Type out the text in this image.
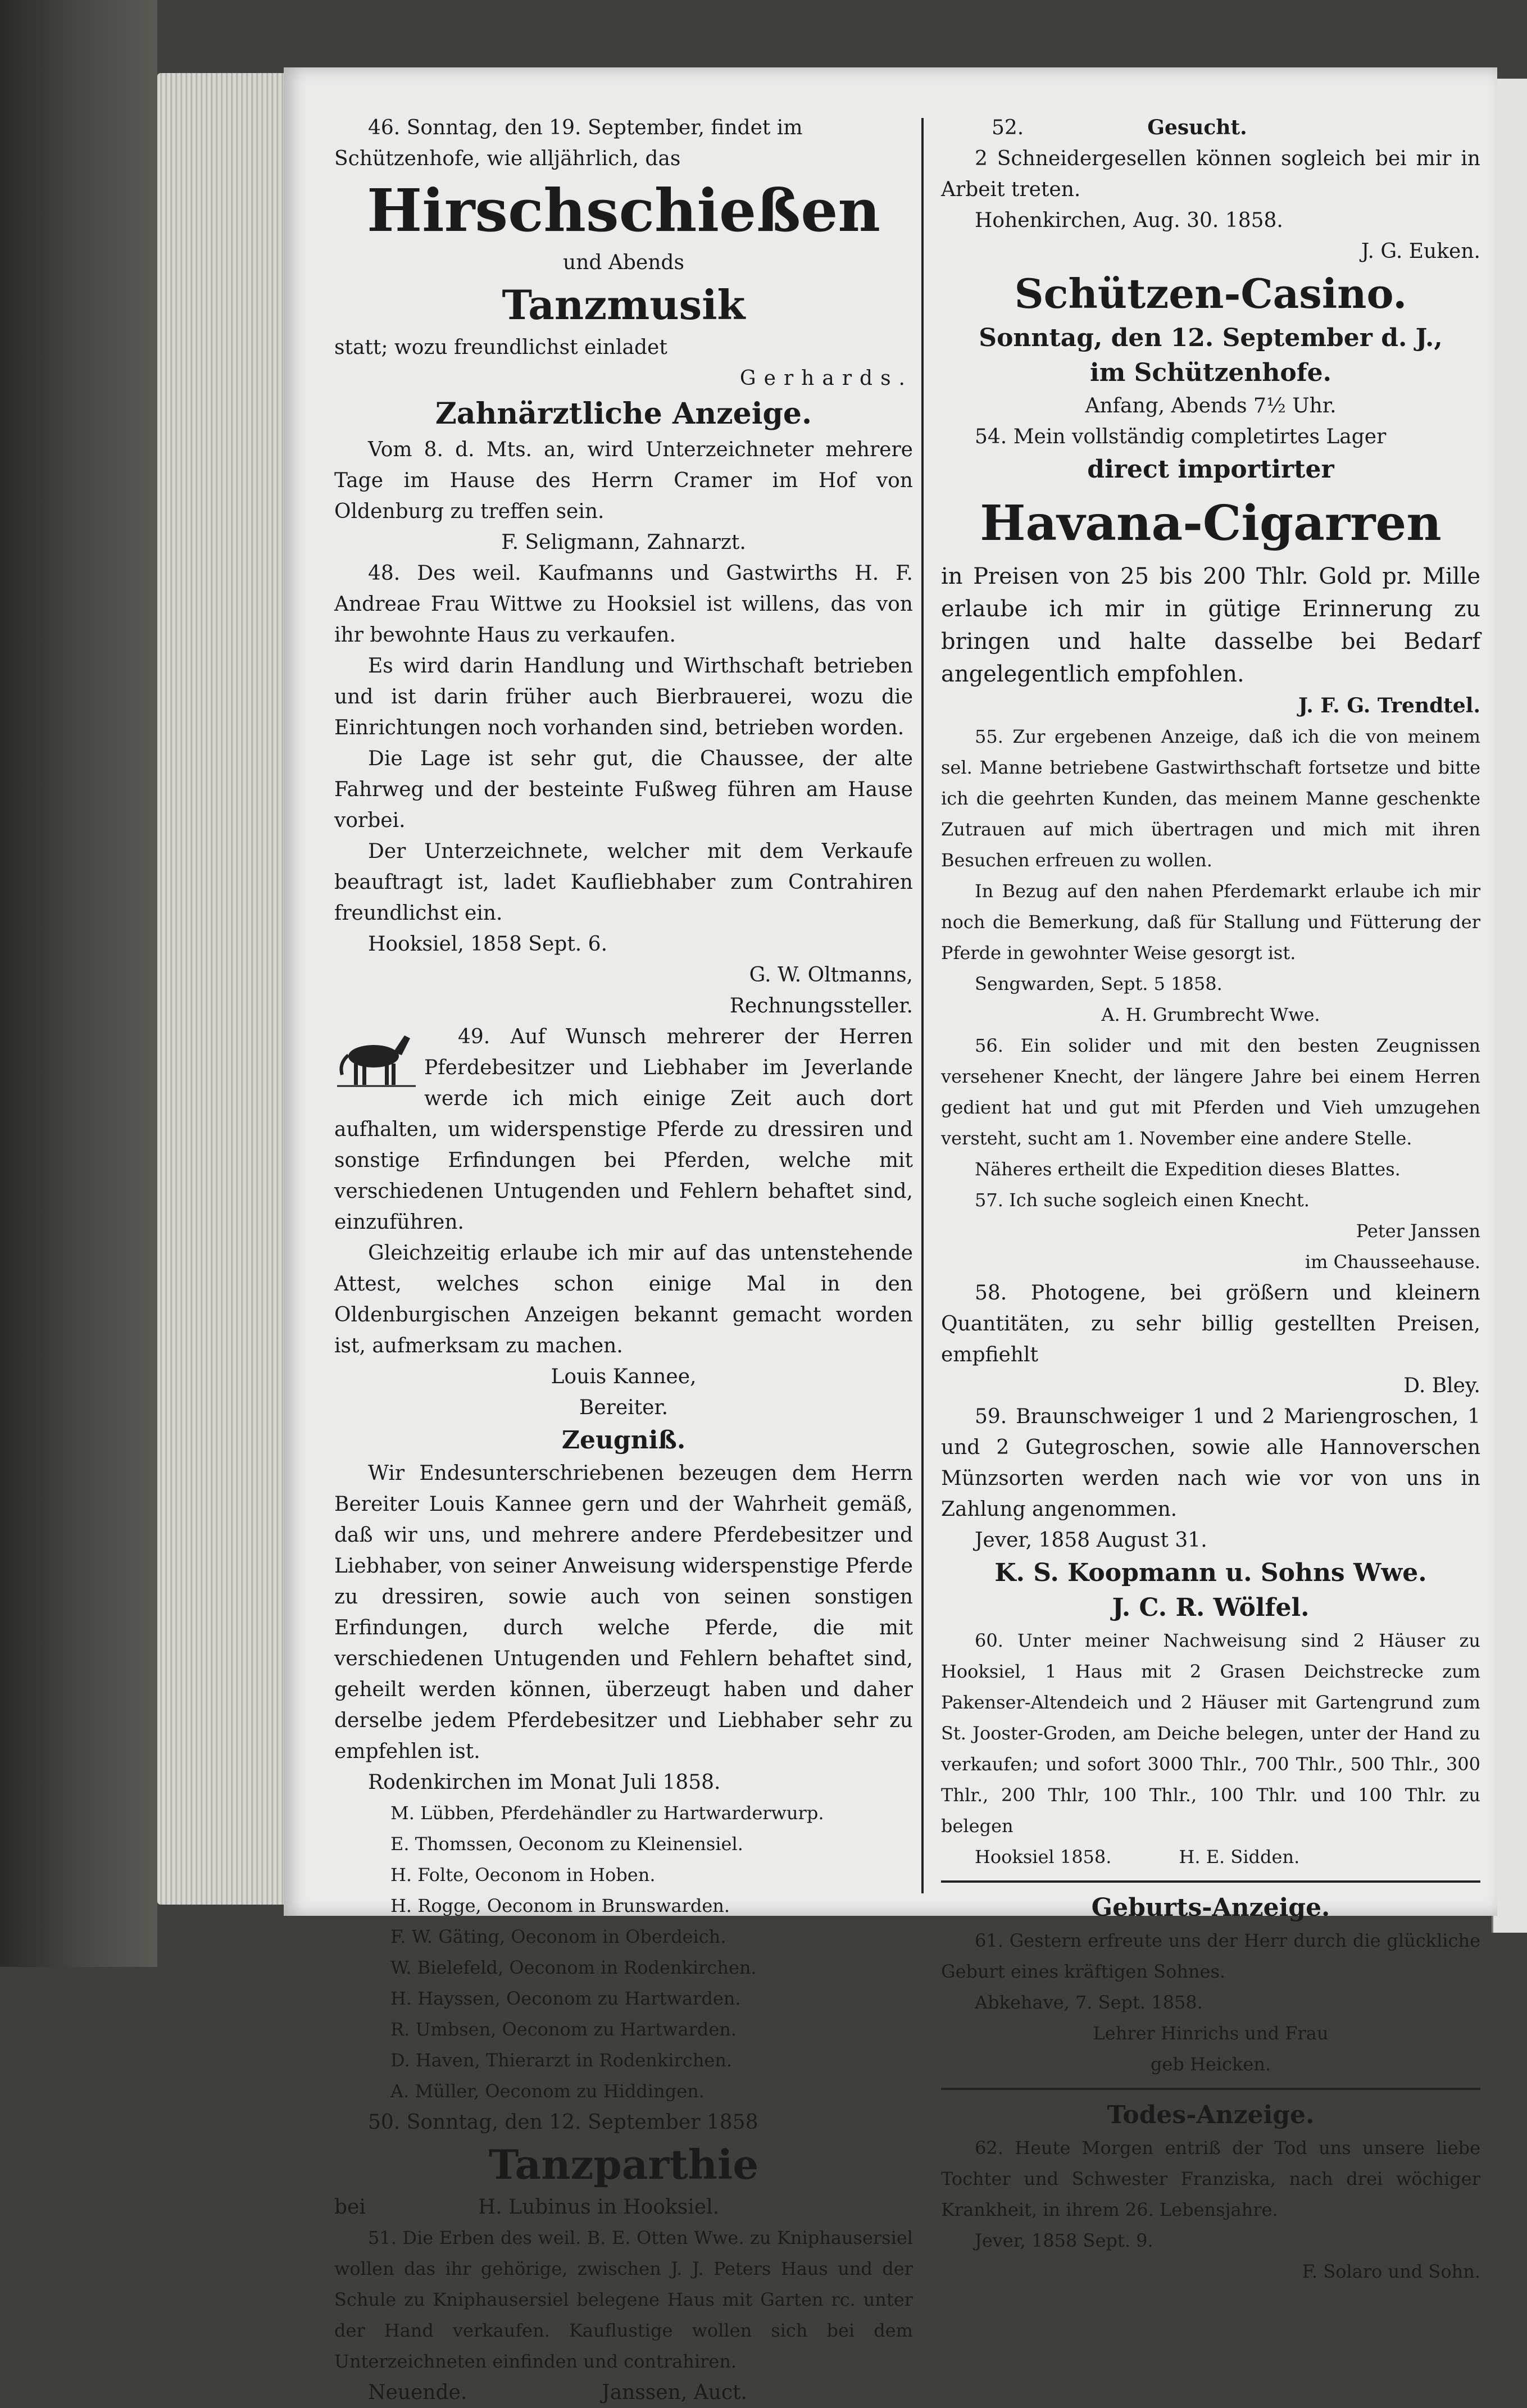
46. Sonntag, den 19. September, findet im

Schützenhofe, wie alljährlich, das

Hirschschießen

und Abends

Tanzmusik

statt; wozu freundlichst einladet

Gerhards.

Zahnärztliche Anzeige.

Vom 8. d. Mts. an, wird Unterzeichneter mehrere Tage im Hause des Herrn Cramer im Hof von Oldenburg zu treffen sein.

F. Seligmann, Zahnarzt.

48. Des weil. Kaufmanns und Gastwirths H. F. Andreae Frau Wittwe zu Hooksiel ist willens, das von ihr bewohnte Haus zu verkaufen.

Es wird darin Handlung und Wirthschaft betrieben und ist darin früher auch Bierbrauerei, wozu die Einrichtungen noch vorhanden sind, betrieben worden.

Die Lage ist sehr gut, die Chaussee, der alte Fahrweg und der besteinte Fußweg führen am Hause vorbei.

Der Unterzeichnete, welcher mit dem Verkaufe beauftragt ist, ladet Kaufliebhaber zum Contrahiren freundlichst ein.

Hooksiel, 1858 Sept. 6.

G. W. Oltmanns,

Rechnungssteller.

49. Auf Wunsch mehrerer der Herren Pferdebesitzer und Liebhaber im Jeverlande werde ich mich einige Zeit auch dort aufhalten, um widerspenstige Pferde zu dressiren und sonstige Erfindungen bei Pferden, welche mit verschiedenen Untugenden und Fehlern behaftet sind, einzuführen.

Gleichzeitig erlaube ich mir auf das untenstehende Attest, welches schon einige Mal in den Oldenburgischen Anzeigen bekannt gemacht worden ist, aufmerksam zu machen.

Louis Kannee,

Bereiter.

Zeugniß.

Wir Endesunterschriebenen bezeugen dem Herrn Bereiter Louis Kannee gern und der Wahrheit gemäß, daß wir uns, und mehrere andere Pferdebesitzer und Liebhaber, von seiner Anweisung widerspenstige Pferde zu dressiren, sowie auch von seinen sonstigen Erfindungen, durch welche Pferde, die mit verschiedenen Untugenden und Fehlern behaftet sind, geheilt werden können, überzeugt haben und daher derselbe jedem Pferdebesitzer und Liebhaber sehr zu empfehlen ist.

Rodenkirchen im Monat Juli 1858.

M. Lübben, Pferdehändler zu Hartwarderwurp.

E. Thomssen, Oeconom zu Kleinensiel.

H. Folte, Oeconom in Hoben.

H. Rogge, Oeconom in Brunswarden.

F. W. Gäting, Oeconom in Oberdeich.

W. Bielefeld, Oeconom in Rodenkirchen.

H. Hayssen, Oeconom zu Hartwarden.

R. Umbsen, Oeconom zu Hartwarden.

D. Haven, Thierarzt in Rodenkirchen.

A. Müller, Oeconom zu Hiddingen.

50. Sonntag, den 12. September 1858

Tanzparthie

bei	H. Lubinus in Hooksiel.

51. Die Erben des weil. B. E. Otten Wwe. zu Kniphausersiel wollen das ihr gehörige, zwischen J. J. Peters Haus und der Schule zu Kniphausersiel belegene Haus mit Garten rc. unter der Hand verkaufen. Kauflustige wollen sich bei dem Unterzeichneten einfinden und contrahiren.

Neuende.	Janssen, Auct.

52.	Gesucht.

2 Schneidergesellen können sogleich bei mir in Arbeit treten.

Hohenkirchen, Aug. 30. 1858.

J. G. Euken.

Schützen-Casino.
Sonntag, den 12. September d. J.,
im Schützenhofe.

Anfang, Abends 7½ Uhr.

54. Mein vollständig completirtes Lager

direct importirter
Havana-Cigarren

in Preisen von 25 bis 200 Thlr. Gold pr. Mille erlaube ich mir in gütige Erinnerung zu bringen und halte dasselbe bei Bedarf angelegentlich empfohlen.

J. F. G. Trendtel.

55. Zur ergebenen Anzeige, daß ich die von meinem sel. Manne betriebene Gastwirthschaft fortsetze und bitte ich die geehrten Kunden, das meinem Manne geschenkte Zutrauen auf mich übertragen und mich mit ihren Besuchen erfreuen zu wollen.

In Bezug auf den nahen Pferdemarkt erlaube ich mir noch die Bemerkung, daß für Stallung und Fütterung der Pferde in gewohnter Weise gesorgt ist.

Sengwarden, Sept. 5 1858.

A. H. Grumbrecht Wwe.

56. Ein solider und mit den besten Zeugnissen versehener Knecht, der längere Jahre bei einem Herren gedient hat und gut mit Pferden und Vieh umzugehen versteht, sucht am 1. November eine andere Stelle.

Näheres ertheilt die Expedition dieses Blattes.

57. Ich suche sogleich einen Knecht.

Peter Janssen

im Chausseehause.

58. Photogene, bei größern und kleinern Quantitäten, zu sehr billig gestellten Preisen, empfiehlt

D. Bley.

59. Braunschweiger 1 und 2 Mariengroschen, 1 und 2 Gutegroschen, sowie alle Hannoverschen Münzsorten werden nach wie vor von uns in Zahlung angenommen.

Jever, 1858 August 31.

K. S. Koopmann u. Sohns Wwe.
J. C. R. Wölfel.

60. Unter meiner Nachweisung sind 2 Häuser zu Hooksiel, 1 Haus mit 2 Grasen Deichstrecke zum Pakenser-Altendeich und 2 Häuser mit Gartengrund zum St. Jooster-Groden, am Deiche belegen, unter der Hand zu verkaufen; und sofort 3000 Thlr., 700 Thlr., 500 Thlr., 300 Thlr., 200 Thlr, 100 Thlr., 100 Thlr. und 100 Thlr. zu belegen

Hooksiel 1858.	H. E. Sidden.

Geburts-Anzeige.

61. Gestern erfreute uns der Herr durch die glückliche Geburt eines kräftigen Sohnes.

Abkehave, 7. Sept. 1858.

Lehrer Hinrichs und Frau

geb Heicken.

Todes-Anzeige.

62. Heute Morgen entriß der Tod uns unsere liebe Tochter und Schwester Franziska, nach drei wöchiger Krankheit, in ihrem 26. Lebensjahre.

Jever, 1858 Sept. 9.

F. Solaro und Sohn.
